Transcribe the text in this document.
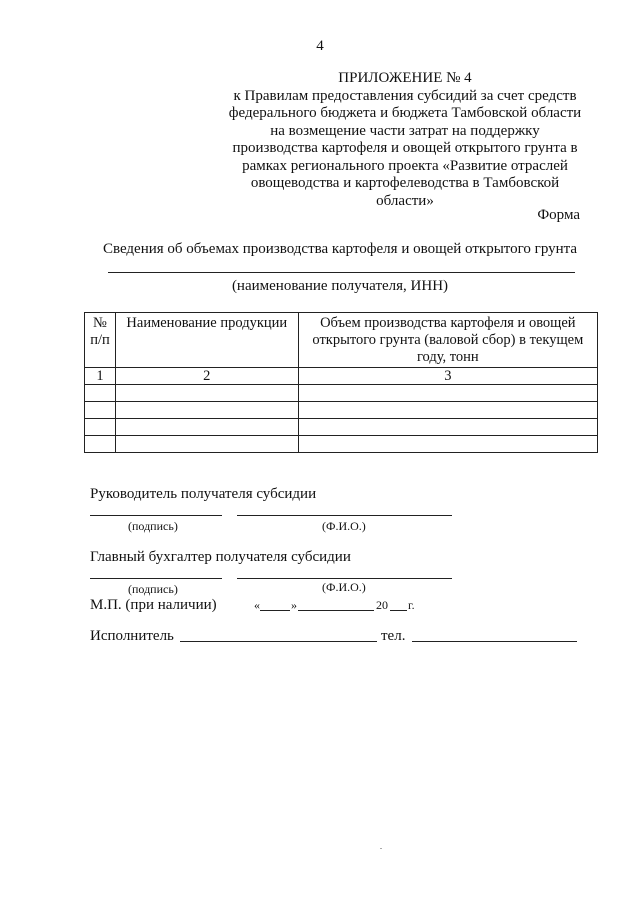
4
ПРИЛОЖЕНИЕ № 4
к Правилам предоставления субсидий за счет средств
федерального бюджета и бюджета Тамбовской области
на возмещение части затрат на поддержку
производства картофеля и овощей открытого грунта в
рамках регионального проекта «Развитие отраслей
овощеводства и картофелеводства в Тамбовской
области»
Форма
Сведения об объемах производства картофеля и овощей открытого грунта
(наименование получателя, ИНН)
№
п/п	Наименование продукции	Объем производства картофеля и овощей открытого грунта (валовой сбор) в текущем году, тонн
1	2	3

Руководитель получателя субсидии
(подпись)	(Ф.И.О.)
Главный бухгалтер получателя субсидии
(подпись)	(Ф.И.О.)
М.П. (при наличии)	«	»	20 г.
Исполнитель	тел.
